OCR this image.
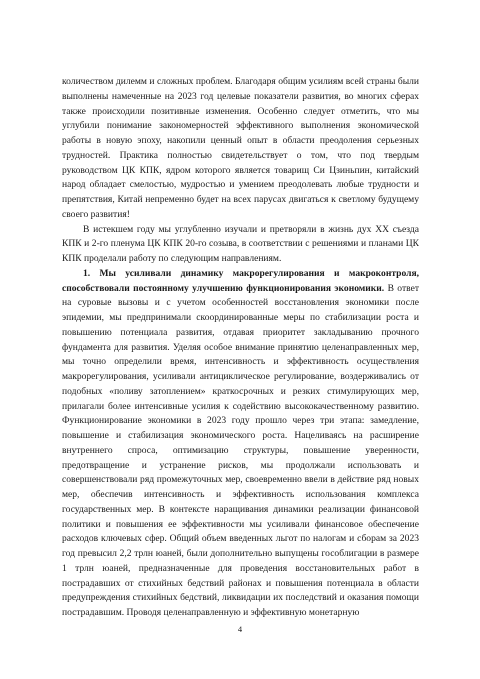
количеством дилемм и сложных проблем. Благодаря общим усилиям всей страны были выполнены намеченные на 2023 год целевые показатели развития, во многих сферах также происходили позитивные изменения. Особенно следует отметить, что мы углубили понимание закономерностей эффективного выполнения экономической работы в новую эпоху, накопили ценный опыт в области преодоления серьезных трудностей. Практика полностью свидетельствует о том, что под твердым руководством ЦК КПК, ядром которого является товарищ Си Цзиньпин, китайский народ обладает смелостью, мудростью и умением преодолевать любые трудности и препятствия, Китай непременно будет на всех парусах двигаться к светлому будущему своего развития!

В истекшем году мы углубленно изучали и претворяли в жизнь дух XX съезда КПК и 2-го пленума ЦК КПК 20-го созыва, в соответствии с решениями и планами ЦК КПК проделали работу по следующим направлениям.

1. Мы усиливали динамику макрорегулирования и макроконтроля, способствовали постоянному улучшению функционирования экономики. В ответ на суровые вызовы и с учетом особенностей восстановления экономики после эпидемии, мы предпринимали скоординированные меры по стабилизации роста и повышению потенциала развития, отдавая приоритет закладыванию прочного фундамента для развития. Уделяя особое внимание принятию целенаправленных мер, мы точно определили время, интенсивность и эффективность осуществления макрорегулирования, усиливали антициклическое регулирование, воздерживались от подобных «поливу затоплением» краткосрочных и резких стимулирующих мер, прилагали более интенсивные усилия к содействию высококачественному развитию. Функционирование экономики в 2023 году прошло через три этапа: замедление, повышение и стабилизация экономического роста. Нацеливаясь на расширение внутреннего спроса, оптимизацию структуры, повышение уверенности, предотвращение и устранение рисков, мы продолжали использовать и совершенствовали ряд промежуточных мер, своевременно ввели в действие ряд новых мер, обеспечив интенсивность и эффективность использования комплекса государственных мер. В контексте наращивания динамики реализации финансовой политики и повышения ее эффективности мы усиливали финансовое обеспечение расходов ключевых сфер. Общий объем введенных льгот по налогам и сборам за 2023 год превысил 2,2 трлн юаней, были дополнительно выпущены гособлигации в размере 1 трлн юаней, предназначенные для проведения восстановительных работ в пострадавших от стихийных бедствий районах и повышения потенциала в области предупреждения стихийных бедствий, ликвидации их последствий и оказания помощи пострадавшим. Проводя целенаправленную и эффективную монетарную

4
